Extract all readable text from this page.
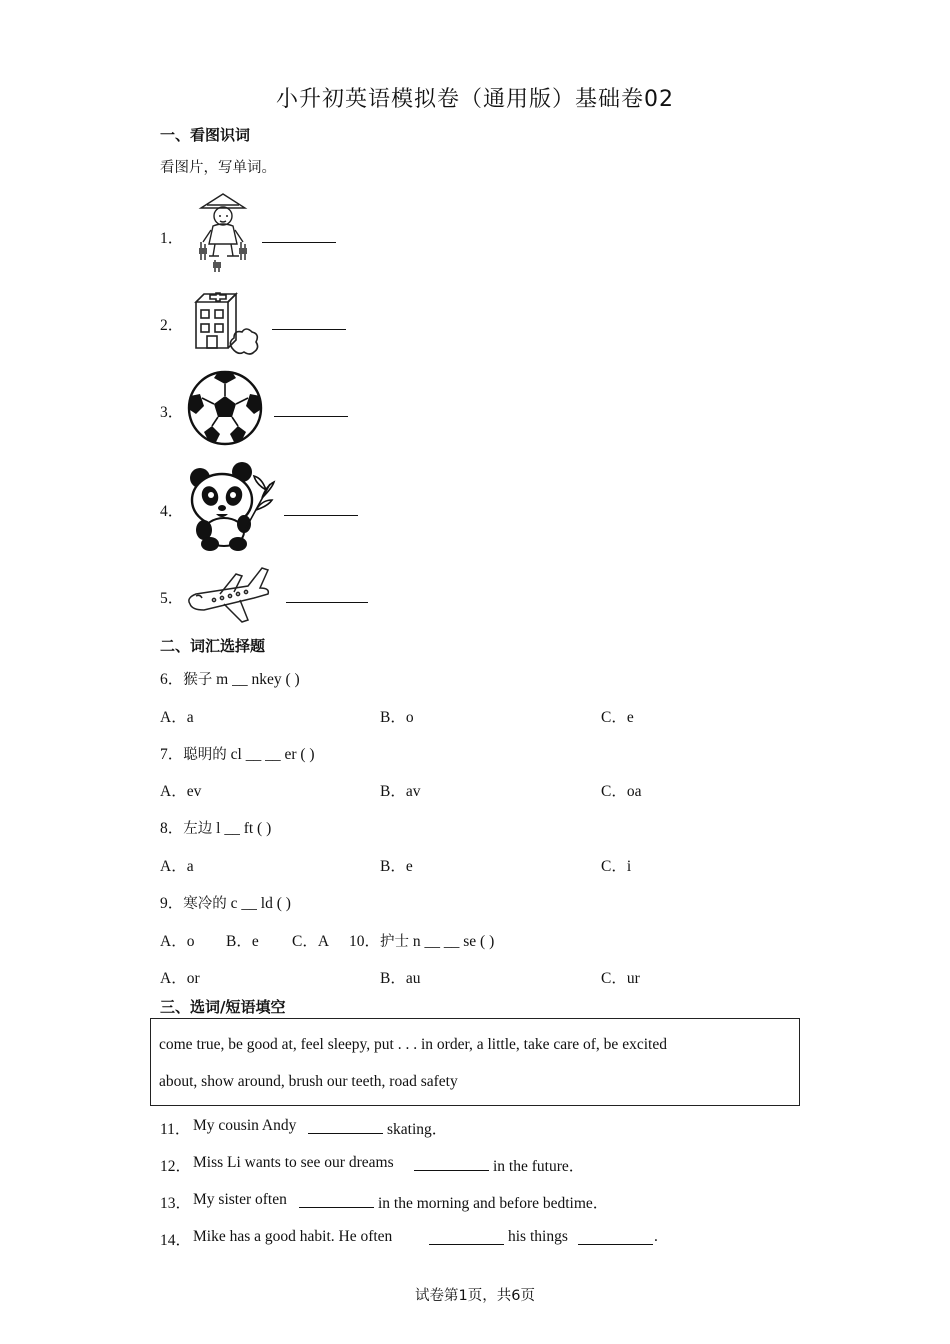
小升初英语模拟卷（通用版）基础卷02
一、看图识词
看图片，写单词。
1．
2．
3．
4．
5．
二、词汇选择题
6．猴子 m __ nkey ( )
A．a	B．o	C．e
7．聪明的 cl __ __ er ( )
A．ev	B．av	C．oa
8．左边 l __ ft ( )
A．a	B．e	C．i
9．寒冷的 c __ ld ( )
A．o B．e C．A 10．护士 n __ __ se ( )
A．or	B．au	C．ur
三、选词/短语填空
come true, be good at, feel sleepy, put . . . in order, a little, take care of, be excited
about, show around, brush our teeth, road safety
11． My cousin Andy	skating．
12． Miss Li wants to see our dreams	in the future．
13． My sister often	in the morning and before bedtime．
14． Mike has a good habit. He often	his things	.
试卷第1页，共6页
